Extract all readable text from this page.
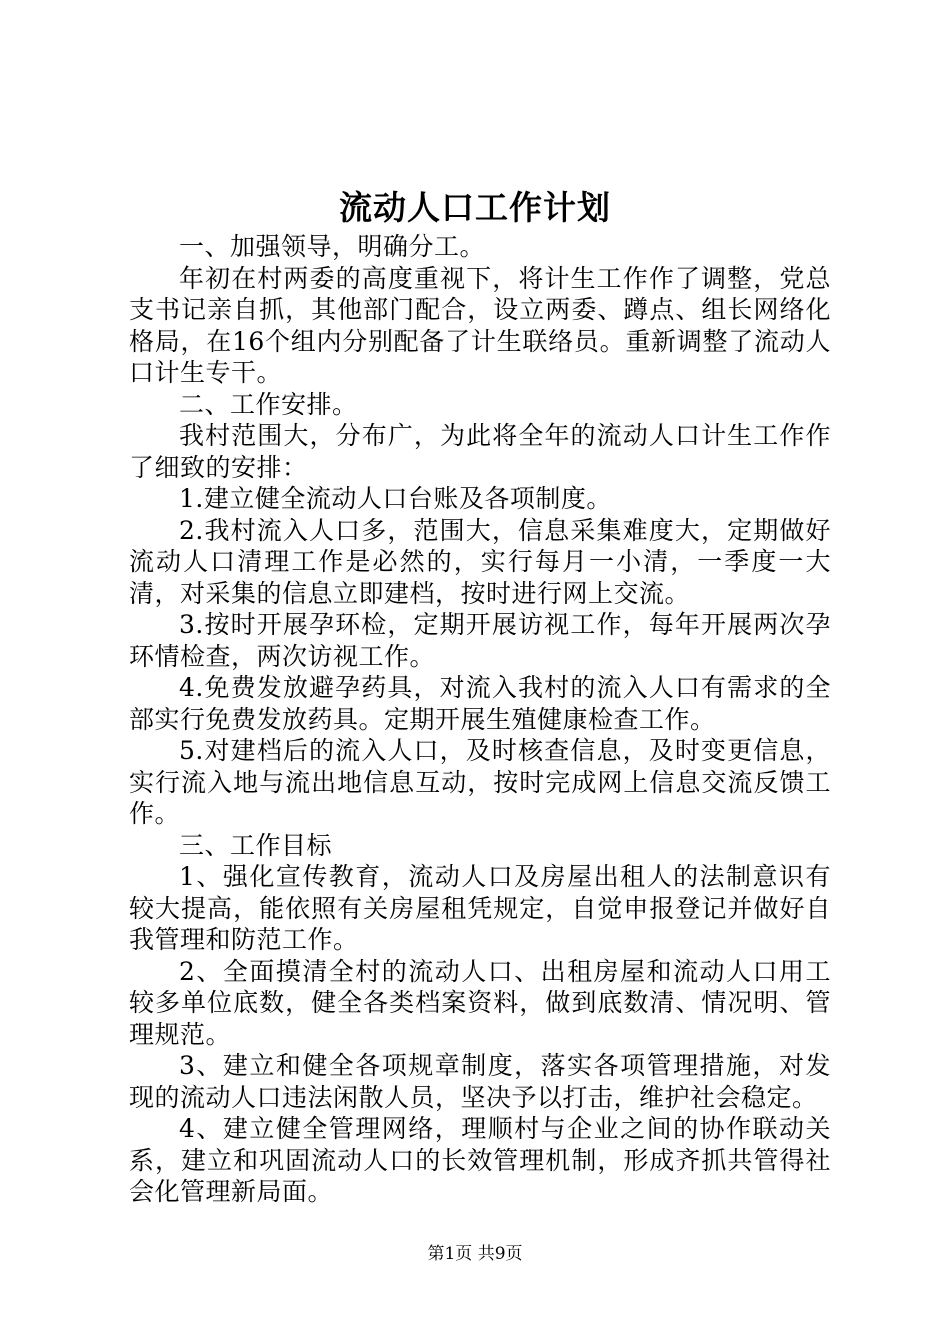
流动人口工作计划

一、加强领导，明确分工。

年初在村两委的高度重视下，将计生工作作了调整，党总支书记亲自抓，其他部门配合，设立两委、蹲点、组长网络化格局，在16个组内分别配备了计生联络员。重新调整了流动人口计生专干。

二、工作安排。

我村范围大，分布广，为此将全年的流动人口计生工作作了细致的安排：

1.建立健全流动人口台账及各项制度。

2.我村流入人口多，范围大，信息采集难度大，定期做好流动人口清理工作是必然的，实行每月一小清，一季度一大清，对采集的信息立即建档，按时进行网上交流。

3.按时开展孕环检，定期开展访视工作，每年开展两次孕环情检查，两次访视工作。

4.免费发放避孕药具，对流入我村的流入人口有需求的全部实行免费发放药具。定期开展生殖健康检查工作。

5.对建档后的流入人口，及时核查信息，及时变更信息，实行流入地与流出地信息互动，按时完成网上信息交流反馈工作。

三、工作目标

1、强化宣传教育，流动人口及房屋出租人的法制意识有较大提高，能依照有关房屋租凭规定，自觉申报登记并做好自我管理和防范工作。

2、全面摸清全村的流动人口、出租房屋和流动人口用工较多单位底数，健全各类档案资料，做到底数清、情况明、管理规范。

3、建立和健全各项规章制度，落实各项管理措施，对发现的流动人口违法闲散人员，坚决予以打击，维护社会稳定。

4、建立健全管理网络，理顺村与企业之间的协作联动关系，建立和巩固流动人口的长效管理机制，形成齐抓共管得社会化管理新局面。

第1页 共9页
